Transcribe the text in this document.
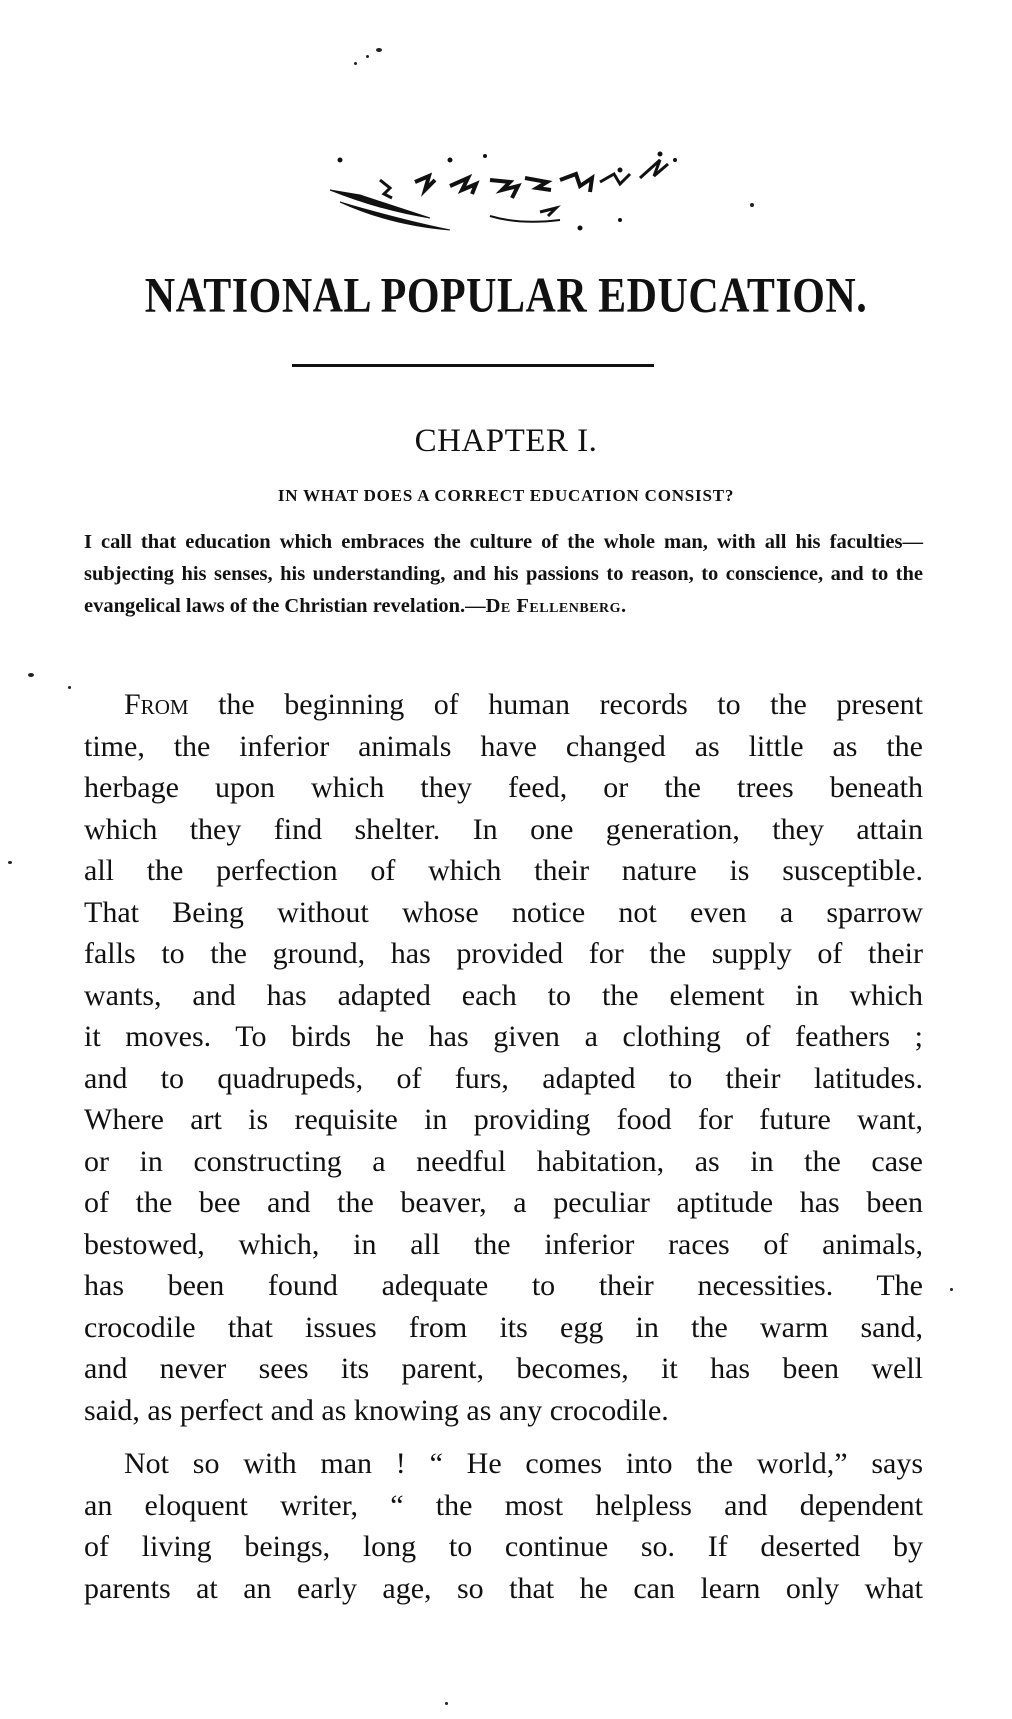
NATIONAL POPULAR EDUCATION.
CHAPTER I.

IN WHAT DOES A CORRECT EDUCATION CONSIST?

I call that education which embraces the culture of the whole man, with all his faculties—subjecting his senses, his understanding, and his passions to reason, to conscience, and to the evangelical laws of the Christian revelation.—De Fellenberg.

From the beginning of human records to the present
time, the inferior animals have changed as little as the
herbage upon which they feed, or the trees beneath
which they find shelter. In one generation, they attain
all the perfection of which their nature is susceptible.
That Being without whose notice not even a sparrow
falls to the ground, has provided for the supply of their
wants, and has adapted each to the element in which
it moves. To birds he has given a clothing of feathers ;
and to quadrupeds, of furs, adapted to their latitudes.
Where art is requisite in providing food for future want,
or in constructing a needful habitation, as in the case
of the bee and the beaver, a peculiar aptitude has been
bestowed, which, in all the inferior races of animals,
has been found adequate to their necessities. The
crocodile that issues from its egg in the warm sand,
and never sees its parent, becomes, it has been well
said, as perfect and as knowing as any crocodile.
Not so with man ! “ He comes into the world,” says
an eloquent writer, “ the most helpless and dependent
of living beings, long to continue so. If deserted by
parents at an early age, so that he can learn only what
